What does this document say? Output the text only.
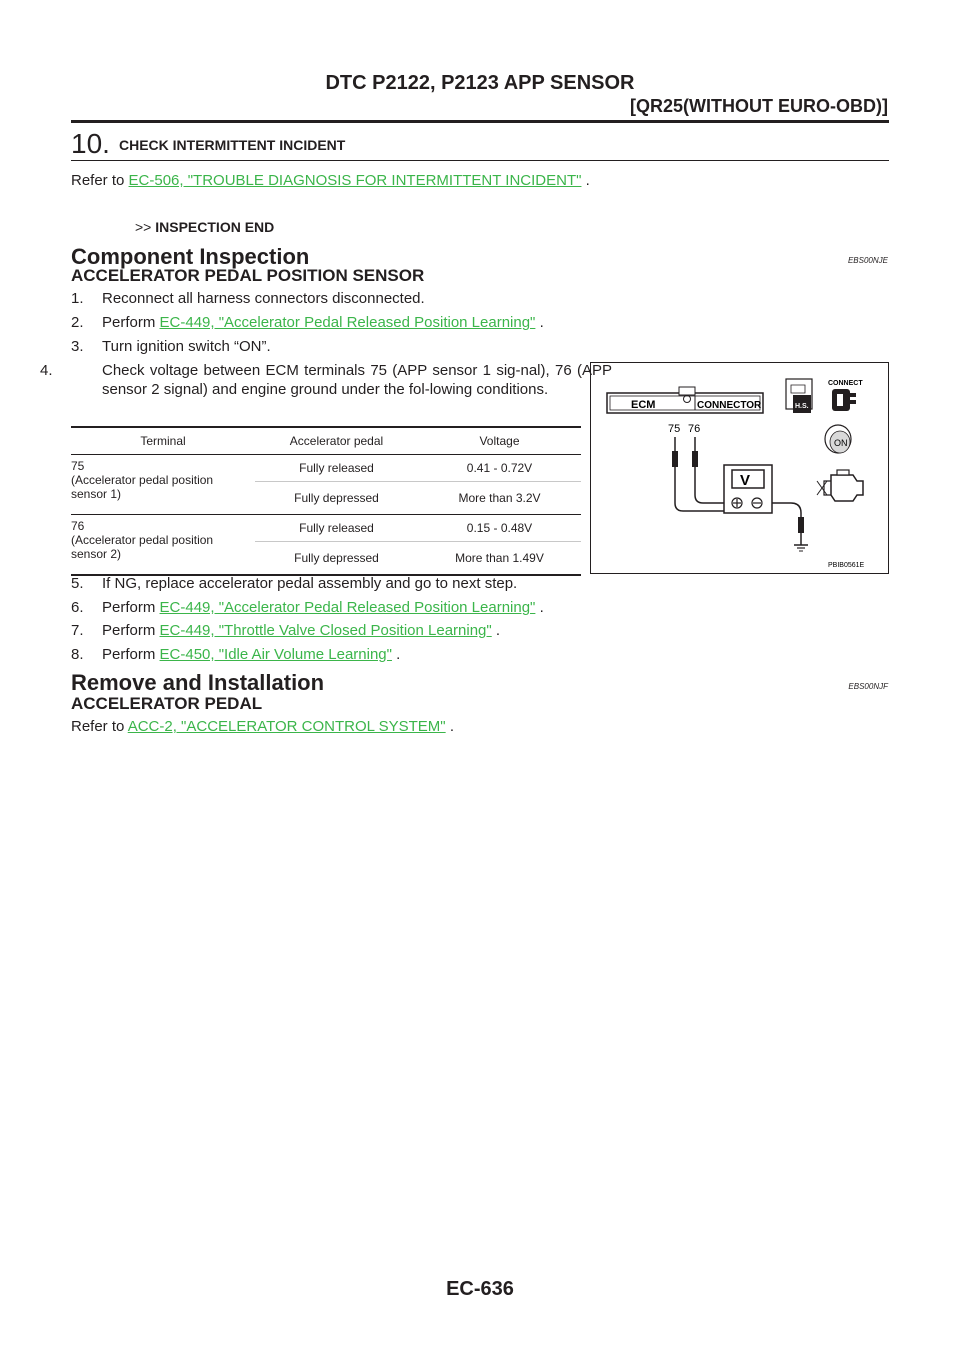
DTC P2122, P2123 APP SENSOR
[QR25(WITHOUT EURO-OBD)]
10. CHECK INTERMITTENT INCIDENT
Refer to EC-506, "TROUBLE DIAGNOSIS FOR INTERMITTENT INCIDENT" .
>> INSPECTION END
Component Inspection	EBS00NJE
ACCELERATOR PEDAL POSITION SENSOR
1. Reconnect all harness connectors disconnected.
2. Perform EC-449, "Accelerator Pedal Released Position Learning" .
3. Turn ignition switch “ON”.
4.	Check voltage between ECM terminals 75 (APP sensor 1 sig-nal), 76 (APP sensor 2 signal) and engine ground under the fol-lowing conditions.
Terminal	Accelerator pedal	Voltage
75
(Accelerator pedal position sensor 1)	Fully released	0.41 - 0.72V
	Fully depressed	More than 3.2V
76
(Accelerator pedal position sensor 2)	Fully released	0.15 - 0.48V
	Fully depressed	More than 1.49V
ECM	CONNECTOR
75 76
V
H.S.
CONNECT
ON
PBIB0561E
5. If NG, replace accelerator pedal assembly and go to next step.
6. Perform EC-449, "Accelerator Pedal Released Position Learning" .
7. Perform EC-449, "Throttle Valve Closed Position Learning" .
8. Perform EC-450, "Idle Air Volume Learning" .
Remove and Installation	EBS00NJF
ACCELERATOR PEDAL
Refer to ACC-2, "ACCELERATOR CONTROL SYSTEM" .
EC-636
